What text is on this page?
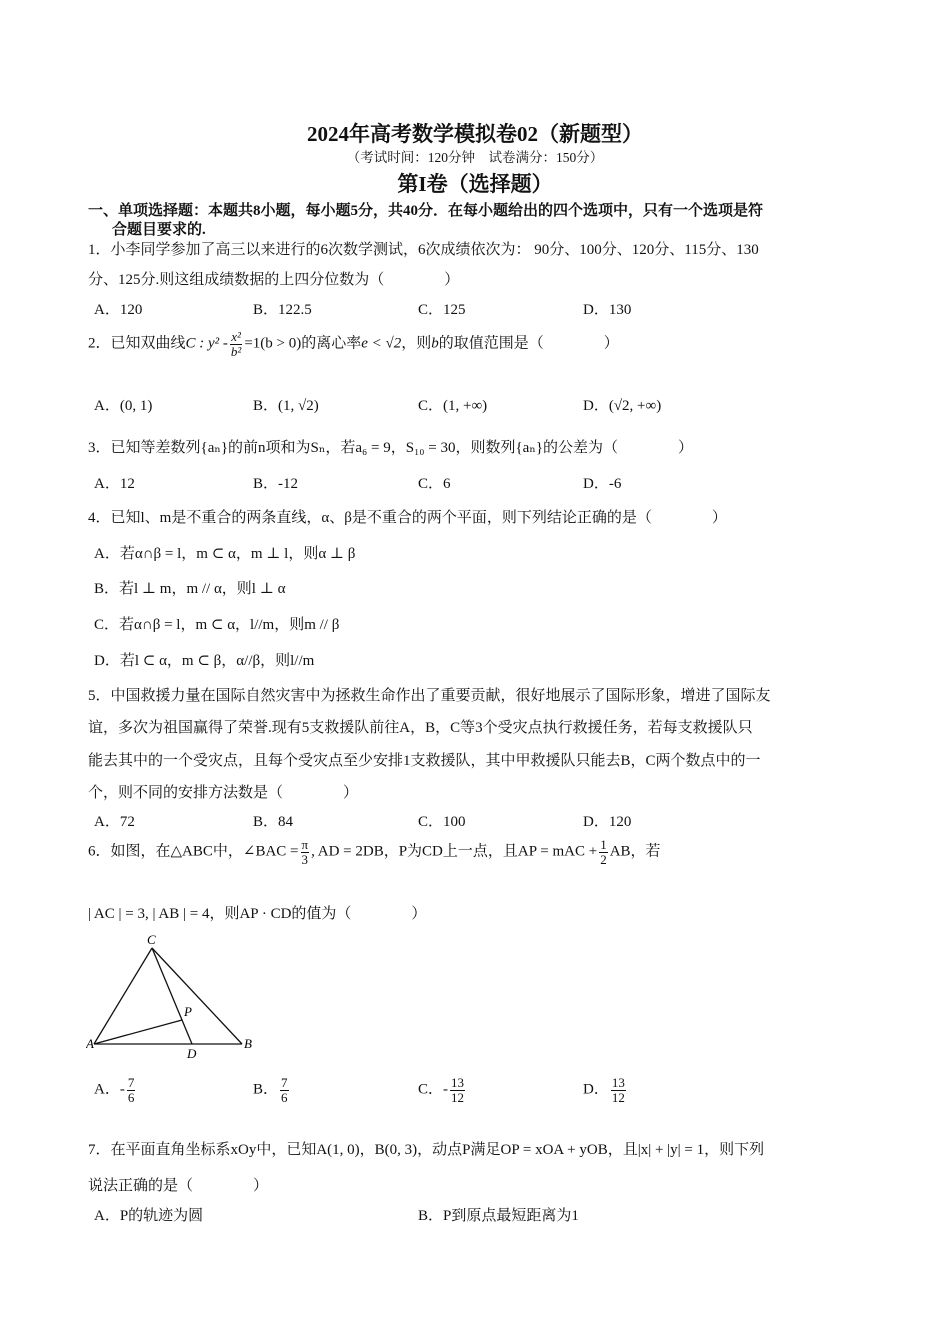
2024年高考数学模拟卷02（新题型）
（考试时间：120分钟　试卷满分：150分）
第I卷（选择题）
一、单项选择题：本题共8小题，每小题5分，共40分．在每小题给出的四个选项中，只有一个选项是符
合题目要求的.
1．小李同学参加了高三以来进行的6次数学测试，6次成绩依次为： 90分、100分、120分、115分、130
分、125分.则这组成绩数据的上四分位数为（　　　　）
A．120	B．122.5	C．125	D．130
2．已知双曲线C : $y^2 - \frac{\text{x²}}{\text{b²}} =1(b > 0)$的离心率e < √2，则b的取值范围是（　　　　）
A．(0, 1)	B．(1, √2)	C．(1, +∞)	D．(√2, +∞)
3．已知等差数列{aₙ}的前n项和为Sₙ，若a₆ = 9，S₁₀ = 30，则数列{aₙ}的公差为（　　　　）
A．12	B．-12	C．6	D．-6
4．已知l、m是不重合的两条直线，α、β是不重合的两个平面，则下列结论正确的是（　　　　）
A．若α∩β = l，m ⊂ α，m ⊥ l，则α ⊥ β
B．若l ⊥ m，m // α，则l ⊥ α
C．若α∩β = l，m ⊂ α，l//m，则m // β
D．若l ⊂ α，m ⊂ β，α//β，则l//m
5．中国救援力量在国际自然灾害中为拯救生命作出了重要贡献，很好地展示了国际形象，增进了国际友
谊，多次为祖国赢得了荣誉.现有5支救援队前往A，B，C等3个受灾点执行救援任务，若每支救援队只
能去其中的一个受灾点，且每个受灾点至少安排1支救援队，其中甲救援队只能去B，C两个数点中的一
个，则不同的安排方法数是（　　　　）
A．72	B．84	C．100	D．120
6．如图，在△ABC中，∠BAC = $\frac{\pi}{3}$ , AD = 2DB，P为CD上一点，且AP = mAC + $\frac{1}{2}$ AB，若
| AC | = 3, | AB | = 4，则AP · CD的值为（　　　　）
A	B
C
D
P
A．- $\frac{7}{6}$	B． $\frac{7}{6}$	C．- $\frac{13}{12}$	D． $\frac{13}{12}$
7．在平面直角坐标系xOy中，已知A(1, 0)，B(0, 3)，动点P满足OP = xOA + yOB，且|x| + |y| = 1，则下列
说法正确的是（　　　　）
A．P的轨迹为圆	B．P到原点最短距离为1
